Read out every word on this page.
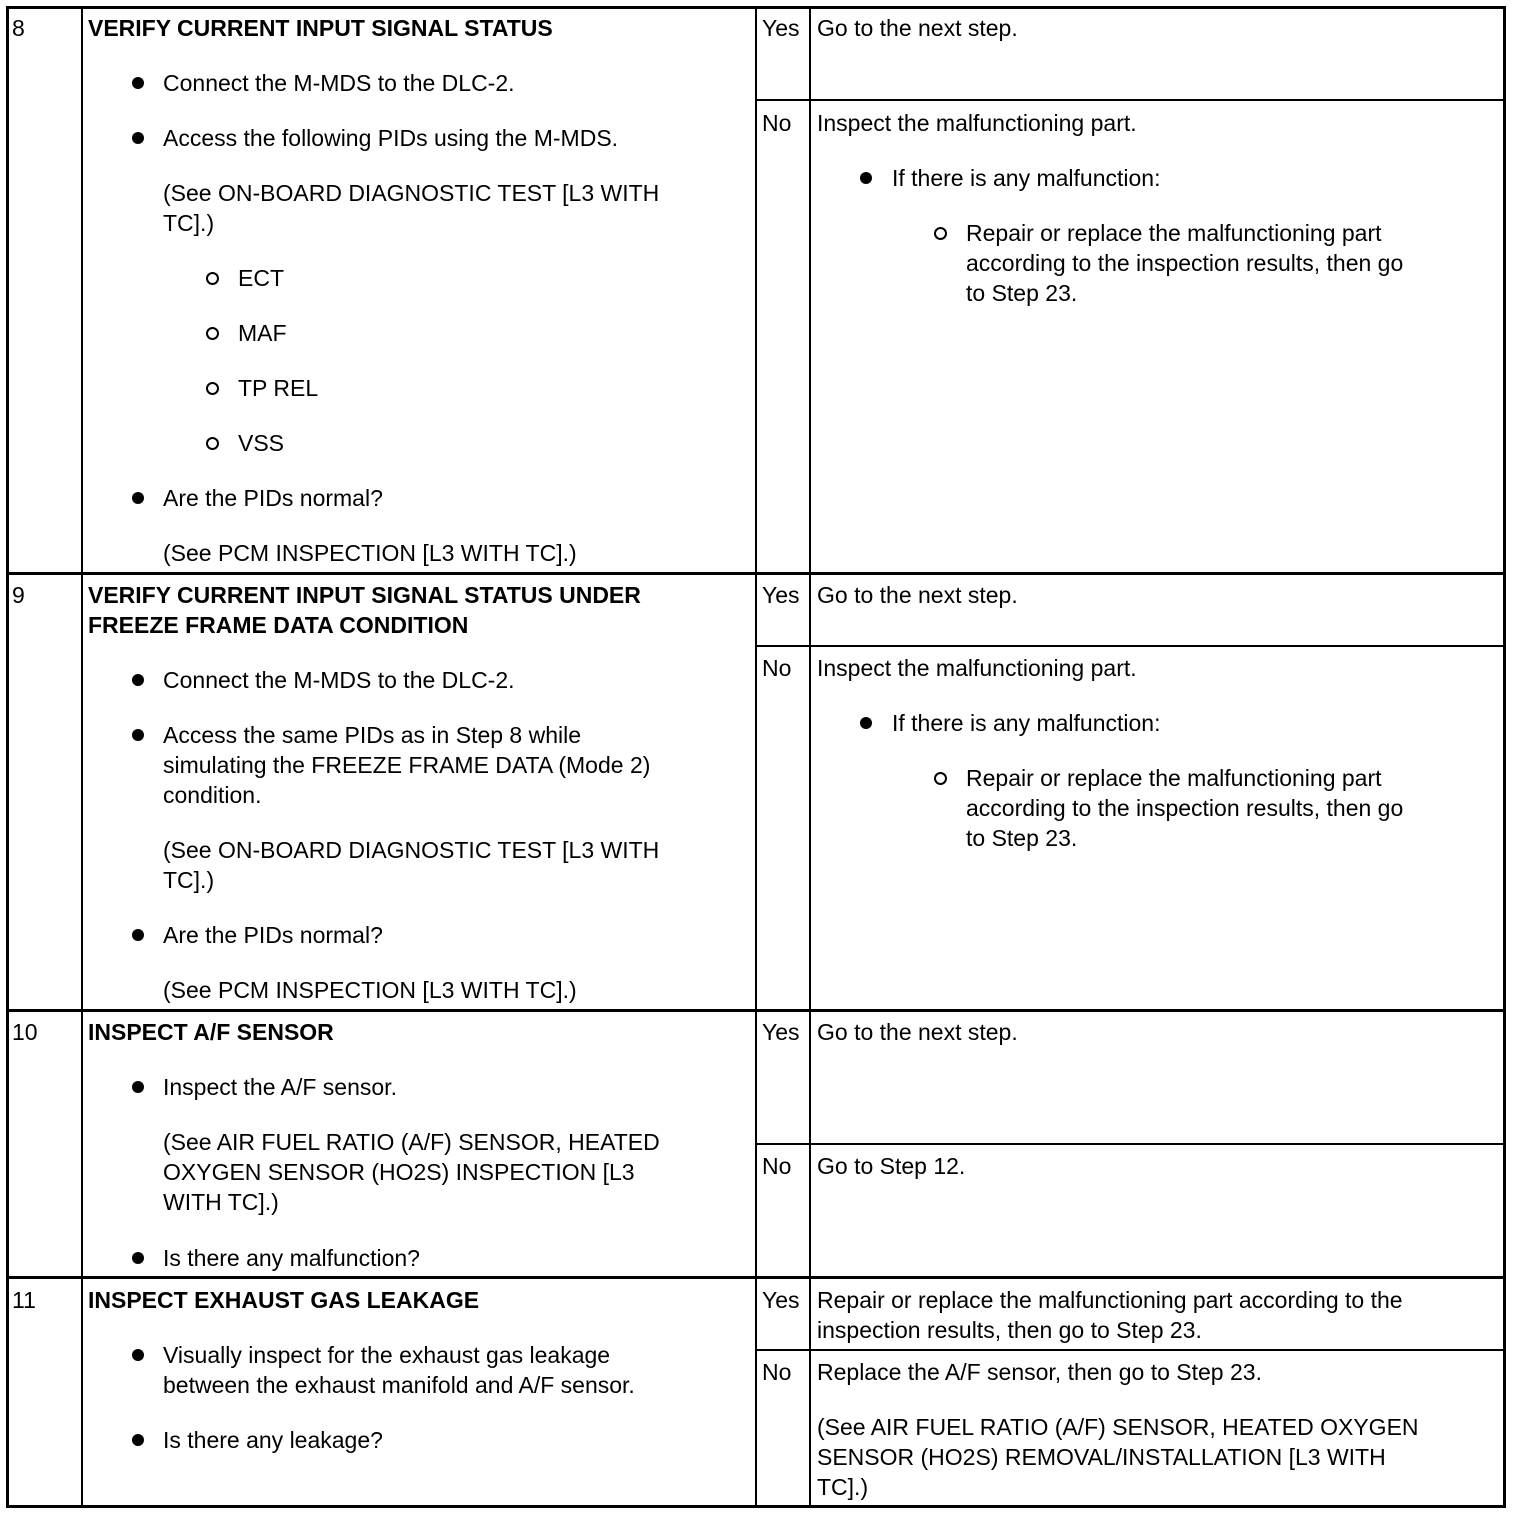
8	VERIFY CURRENT INPUT SIGNAL STATUS
Connect the M-MDS to the DLC-2.
Access the following PIDs using the M-MDS.
(See ON-BOARD DIAGNOSTIC TEST [L3 WITH
TC].)
ECT
MAF
TP REL
VSS
Are the PIDs normal?
(See PCM INSPECTION [L3 WITH TC].)
Yes Go to the next step.
No Inspect the malfunctioning part.
If there is any malfunction:
Repair or replace the malfunctioning part
according to the inspection results, then go
to Step 23.
9	VERIFY CURRENT INPUT SIGNAL STATUS UNDER
FREEZE FRAME DATA CONDITION
Connect the M-MDS to the DLC-2.
Access the same PIDs as in Step 8 while
simulating the FREEZE FRAME DATA (Mode 2)
condition.
(See ON-BOARD DIAGNOSTIC TEST [L3 WITH
TC].)
Are the PIDs normal?
(See PCM INSPECTION [L3 WITH TC].)
Yes Go to the next step.
No Inspect the malfunctioning part.
If there is any malfunction:
Repair or replace the malfunctioning part
according to the inspection results, then go
to Step 23.
10 INSPECT A/F SENSOR
Inspect the A/F sensor.
(See AIR FUEL RATIO (A/F) SENSOR, HEATED
OXYGEN SENSOR (HO2S) INSPECTION [L3
WITH TC].)
Is there any malfunction?
Yes Go to the next step.
No Go to Step 12.
11 INSPECT EXHAUST GAS LEAKAGE
Visually inspect for the exhaust gas leakage
between the exhaust manifold and A/F sensor.
Is there any leakage?
Yes Repair or replace the malfunctioning part according to the
inspection results, then go to Step 23.
No Replace the A/F sensor, then go to Step 23.
(See AIR FUEL RATIO (A/F) SENSOR, HEATED OXYGEN
SENSOR (HO2S) REMOVAL/INSTALLATION [L3 WITH
TC].)
